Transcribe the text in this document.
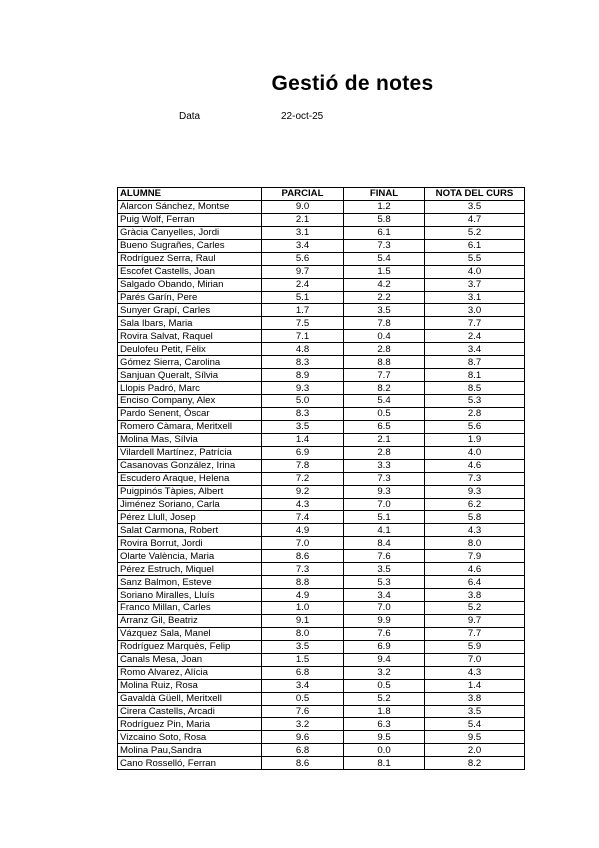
Gestió de notes
Data	22-oct-25
ALUMNE	PARCIAL	FINAL	NOTA DEL CURS
Alarcon Sánchez, Montse	9.0	1.2	3.5
Puig Wolf, Ferran	2.1	5.8	4.7
Gràcia Canyelles, Jordi	3.1	6.1	5.2
Bueno Sugrañes, Carles	3.4	7.3	6.1
Rodríguez Serra, Raul	5.6	5.4	5.5
Escofet Castells, Joan	9.7	1.5	4.0
Salgado Obando, Mirian	2.4	4.2	3.7
Parés Garín, Pere	5.1	2.2	3.1
Sunyer Grapí, Carles	1.7	3.5	3.0
Sala Ibars, Maria	7.5	7.8	7.7
Rovira Salvat, Raquel	7.1	0.4	2.4
Deulofeu Petit, Fèlix	4.8	2.8	3.4
Gómez Sierra, Carolina	8.3	8.8	8.7
Sanjuan Queralt, Sílvia	8.9	7.7	8.1
Llopis Padró, Marc	9.3	8.2	8.5
Enciso Company, Alex	5.0	5.4	5.3
Pardo Senent, Òscar	8.3	0.5	2.8
Romero Càmara, Meritxell	3.5	6.5	5.6
Molina Mas, Sílvia	1.4	2.1	1.9
Vilardell Martínez, Patrícia	6.9	2.8	4.0
Casanovas González, Irina	7.8	3.3	4.6
Escudero Araque, Helena	7.2	7.3	7.3
Puigpinós Tàpies, Albert	9.2	9.3	9.3
Jiménez Soriano, Carla	4.3	7.0	6.2
Pérez Llull, Josep	7.4	5.1	5.8
Salat Carmona, Robert	4.9	4.1	4.3
Rovira Borrut, Jordi	7.0	8.4	8.0
Olarte València, Maria	8.6	7.6	7.9
Pérez Estruch, Miquel	7.3	3.5	4.6
Sanz Balmon, Esteve	8.8	5.3	6.4
Soriano Miralles, Lluís	4.9	3.4	3.8
Franco Millan, Carles	1.0	7.0	5.2
Arranz Gil, Beatriz	9.1	9.9	9.7
Vázquez Sala, Manel	8.0	7.6	7.7
Rodríguez Marquès, Felip	3.5	6.9	5.9
Canals Mesa, Joan	1.5	9.4	7.0
Romo Alvarez, Alícia	6.8	3.2	4.3
Molina Ruiz, Rosa	3.4	0.5	1.4
Gavaldà Güell, Meritxell	0.5	5.2	3.8
Cirera Castells, Arcadi	7.6	1.8	3.5
Rodríguez Pin, Maria	3.2	6.3	5.4
Vizcaino Soto, Rosa	9.6	9.5	9.5
Molina Pau,Sandra	6.8	0.0	2.0
Cano Rosselló, Ferran	8.6	8.1	8.2
